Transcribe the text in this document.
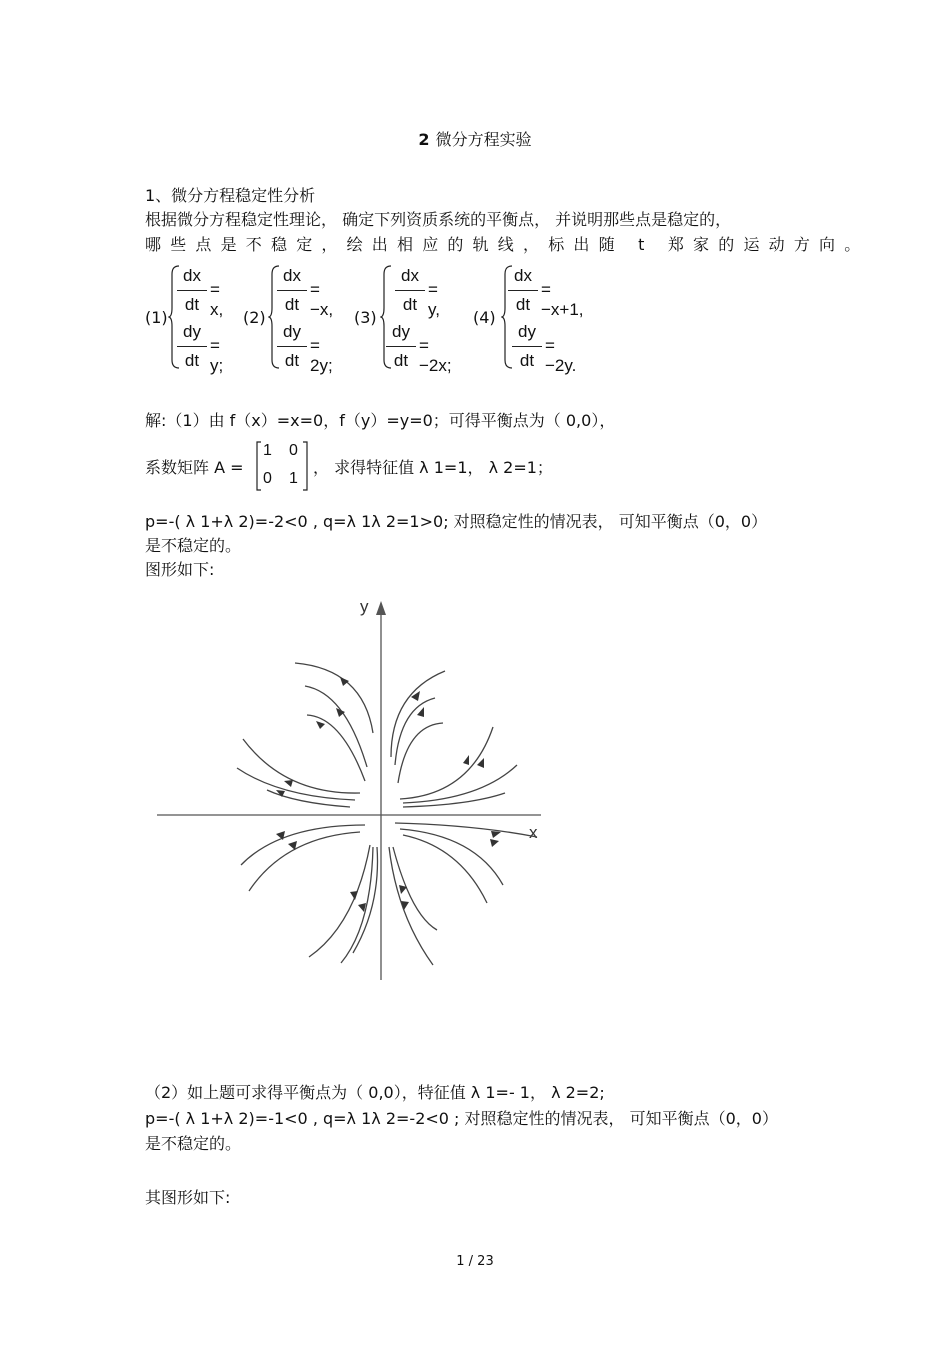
2 微分方程实验
1、微分方程稳定性分析
根据微分方程稳定性理论， 确定下列资质系统的平衡点， 并说明那些点是稳定的，
哪些点是不稳定，绘出相应的轨线，标出随 t 郑家的运动方向。
(1)
dx
dt
= x,
dy
dt
= y;
(2)
dx
dt
= −x,
dy
dt
= 2y;
(3)
dx
dt
= y,
dy
dt
= −2x;
(4)
dx
dt
= −x+1,
dy
dt
= −2y.
解:（1）由 f（x）=x=0，f（y）=y=0；可得平衡点为（ 0,0），
系数矩阵 A =
1 0
0 1
， 求得特征值 λ 1=1， λ 2=1；
p=-( λ 1+λ 2)=-2<0 , q=λ 1λ 2=1>0; 对照稳定性的情况表， 可知平衡点（0，0）
是不稳定的。
图形如下:
y
x
（2）如上题可求得平衡点为（ 0,0），特征值 λ 1=- 1， λ 2=2;
p=-( λ 1+λ 2)=-1<0 , q=λ 1λ 2=-2<0 ; 对照稳定性的情况表， 可知平衡点（0，0）
是不稳定的。
其图形如下:
1 / 23
